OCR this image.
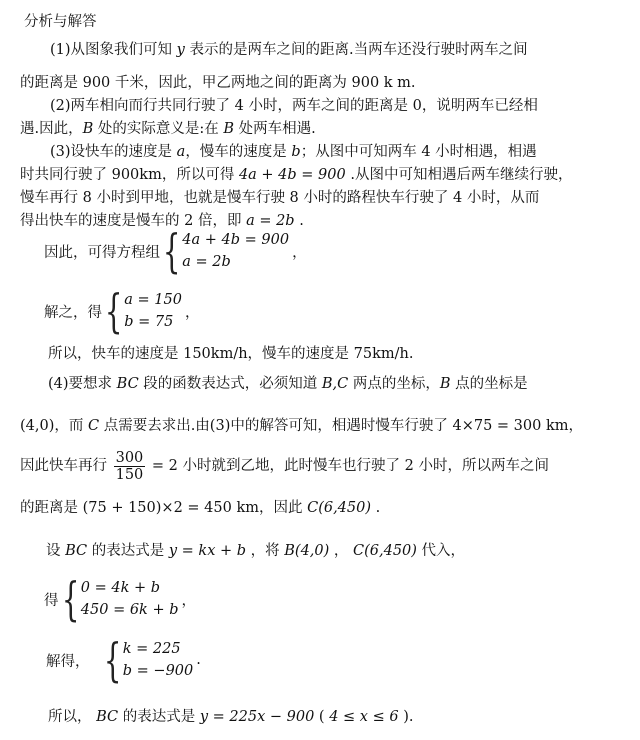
分析与解答
(1)从图象我们可知 y 表示的是两车之间的距离.当两车还没行驶时两车之间
的距离是 900 千米，因此，甲乙两地之间的距离为 900 k m.
(2)两车相向而行共同行驶了 4 小时，两车之间的距离是 0，说明两车已经相
遇.因此，B 处的实际意义是:在 B 处两车相遇.
(3)设快车的速度是 a，慢车的速度是 b；从图中可知两车 4 小时相遇，相遇
时共同行驶了 900km，所以可得 4a + 4b = 900 .从图中可知相遇后两车继续行驶，
慢车再行 8 小时到甲地，也就是慢车行驶 8 小时的路程快车行驶了 4 小时，从而
得出快车的速度是慢车的 2 倍，即 a = 2b .
因此，可得方程组 { 4a + 4b = 900
a = 2b
，
解之，得 { a = 150
b = 75
，
所以，快车的速度是 150km/h，慢车的速度是 75km/h.
(4)要想求 BC 段的函数表达式，必须知道 B,C 两点的坐标，B 点的坐标是
(4,0)，而 C 点需要去求出.由(3)中的解答可知，相遇时慢车行驶了 4×75 = 300 km，
因此快车再行 $\frac{300}{150} = 2$ 小时就到乙地，此时慢车也行驶了 2 小时，所以两车之间
的距离是 (75 + 150)×2 = 450 km，因此 C(6,450) .
设 BC 的表达式是 y = kx + b ，将 B(4,0) ， C(6,450) 代入，
得 { 0 = 4k + b
450 = 6k + b
，
解得， { k = 225
b = −900
.
所以， BC 的表达式是 y = 225x − 900 ( 4 ≤ x ≤ 6 ).
